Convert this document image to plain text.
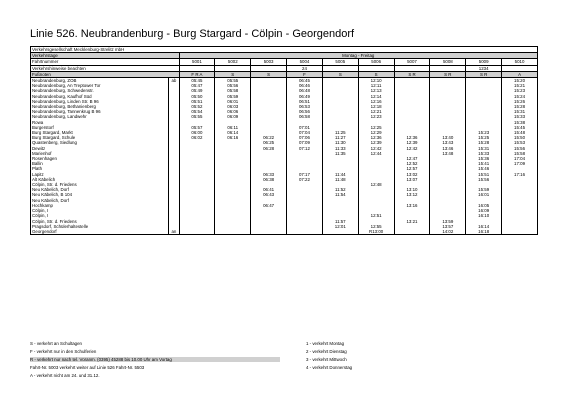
Linie 526. Neubrandenburg - Burg Stargard - Cölpin - Georgendorf
Verkehrsgesellschaft Mecklenburg-Strelitz mbH											
Verkehrstage		Montag - Freitag									
Fahrtnummer		5001	5002	5003	5004	5005	5006	5007	5008	5009	5010
Verkehrshinweise beachten					24					1234	
Fußnoten		F R A	S	S	F	S	S	S R	S R	S R	A
Neubrandenburg, ZOB	ab	05:45	05:55		06:45		12:10				15:20
Neubrandenburg, An Treptower Tor		05:47	05:56		06:46		12:11				15:21
Neubrandenburg, Schwedenstr.		05:49	05:58		06:48		12:13				15:23
Neubrandenburg, Kaufhof Süd		05:50	05:59		06:49		12:14				15:24
Neubrandenburg, Linden Str. B 96		05:51	06:01		06:51		12:16				15:26
Neubrandenburg, Bethanienberg		05:52	06:03		06:53		12:18				15:28
Neubrandenburg, Tannenkrug B 96		05:54	06:06		06:56		12:21				15:31
Neubrandenburg, Landwehr		05:55	06:09		06:58		12:23				15:33
Rowa											15:38
Burgerstorf		05:57	06:11		07:01		12:25				15:45
Burg Stargard, Markt		06:00	06:14		07:04	11:25	12:29			15:23	15:48
Burg Stargard, Schule		06:02	06:16	06:22	07:06	11:27	12:36	12:36	13:40	15:25	15:50
Quastenberg, Siedlung				06:25	07:09	11:30	12:39	12:39	13:43	15:28	15:53
Dewitz				06:28	07:12	11:33	12:42	12:42	13:46	15:31	15:56
Marienhof						11:35	12:44		13:48	15:33	15:58
Rosenhagen								12:47		15:36	17:04
Ballin								12:52		15:41	17:09
Plath								12:57		15:46	
Lapitz				06:33	07:17	11:44		13:02		15:51	17:16
Alt Käbelich				06:38	07:22	11:48		13:07		15:56	
Cölpin, Str. d. Friedens							12:48				
Neu Käbelich, Dorf				06:41		11:52		13:10		15:59	
Neu Käbelich, B 104				06:43		11:54		13:12		16:01	
Neu Käbelich, Dorf											
Hochkamp				06:47				13:16		16:05	
Cölpin, I										16:09	
Cölpin, I							12:51			16:10	
Cölpin, Str. d. Friedens						11:57		13:21	13:59		
Pragsdorf, Schülerhaltestelle						12:01	12:55		13:57	16:14	
Georgendorf	an						R13:00		14:02	16:18	
S - verkehrt an Schultagen
F - verkehrt nur in den Schulferien
R - verkehrt nur nach tel. Voranm. (0395) 45288 bis 10.00 Uhr am Vortag
Fahrt-Nr. 5003 verkehrt weiter auf Linie 526 Fahrt-Nr. 5503
A - verkehrt nicht am 24. und 31.12.
1 - verkehrt Montag
2 - verkehrt Dienstag
3 - verkehrt Mittwoch
4 - verkehrt Donnerstag
